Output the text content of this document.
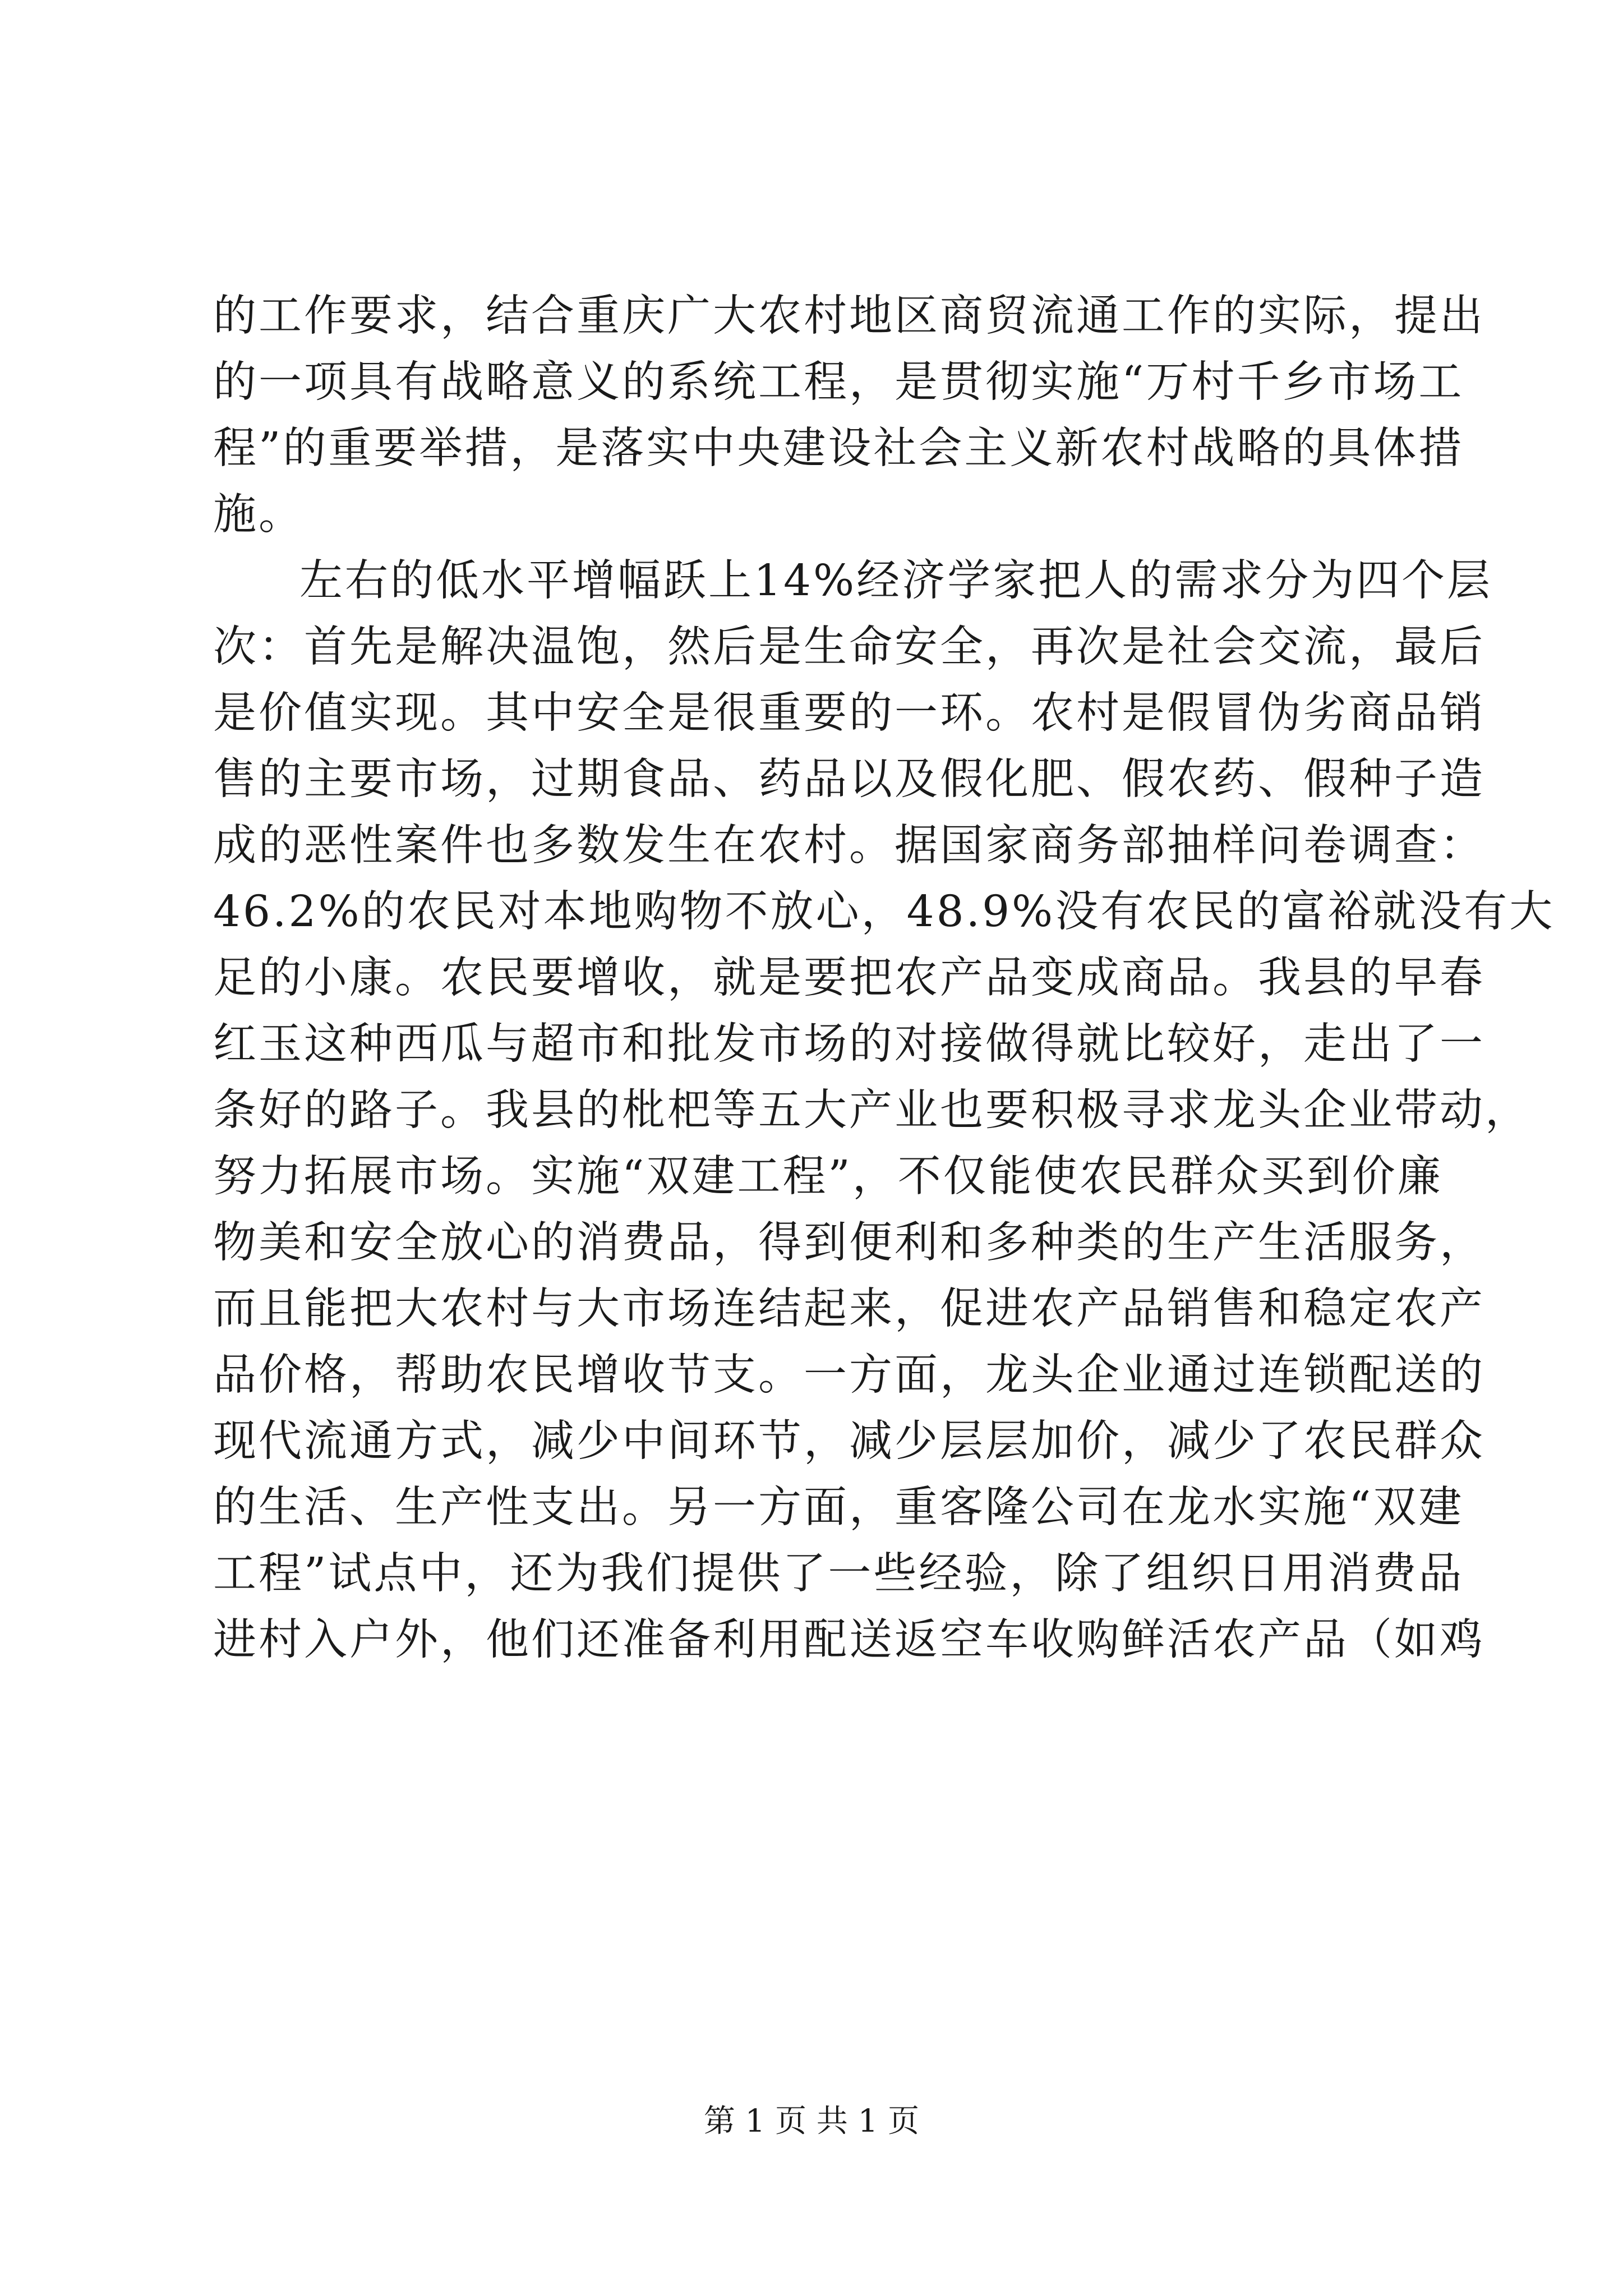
的工作要求，结合重庆广大农村地区商贸流通工作的实际，提出
的一项具有战略意义的系统工程，是贯彻实施“万村千乡市场工
程”的重要举措，是落实中央建设社会主义新农村战略的具体措
施。
左右的低水平增幅跃上14%经济学家把人的需求分为四个层
次：首先是解决温饱，然后是生命安全，再次是社会交流，最后
是价值实现。其中安全是很重要的一环。农村是假冒伪劣商品销
售的主要市场，过期食品、药品以及假化肥、假农药、假种子造
成的恶性案件也多数发生在农村。据国家商务部抽样问卷调查：
46.2%的农民对本地购物不放心，48.9%没有农民的富裕就没有大
足的小康。农民要增收，就是要把农产品变成商品。我县的早春
红玉这种西瓜与超市和批发市场的对接做得就比较好，走出了一
条好的路子。我县的枇杷等五大产业也要积极寻求龙头企业带动，
努力拓展市场。实施“双建工程”，不仅能使农民群众买到价廉
物美和安全放心的消费品，得到便利和多种类的生产生活服务，
而且能把大农村与大市场连结起来，促进农产品销售和稳定农产
品价格，帮助农民增收节支。一方面，龙头企业通过连锁配送的
现代流通方式，减少中间环节，减少层层加价，减少了农民群众
的生活、生产性支出。另一方面，重客隆公司在龙水实施“双建
工程”试点中，还为我们提供了一些经验，除了组织日用消费品
进村入户外，他们还准备利用配送返空车收购鲜活农产品（如鸡
第 1 页 共 1 页
